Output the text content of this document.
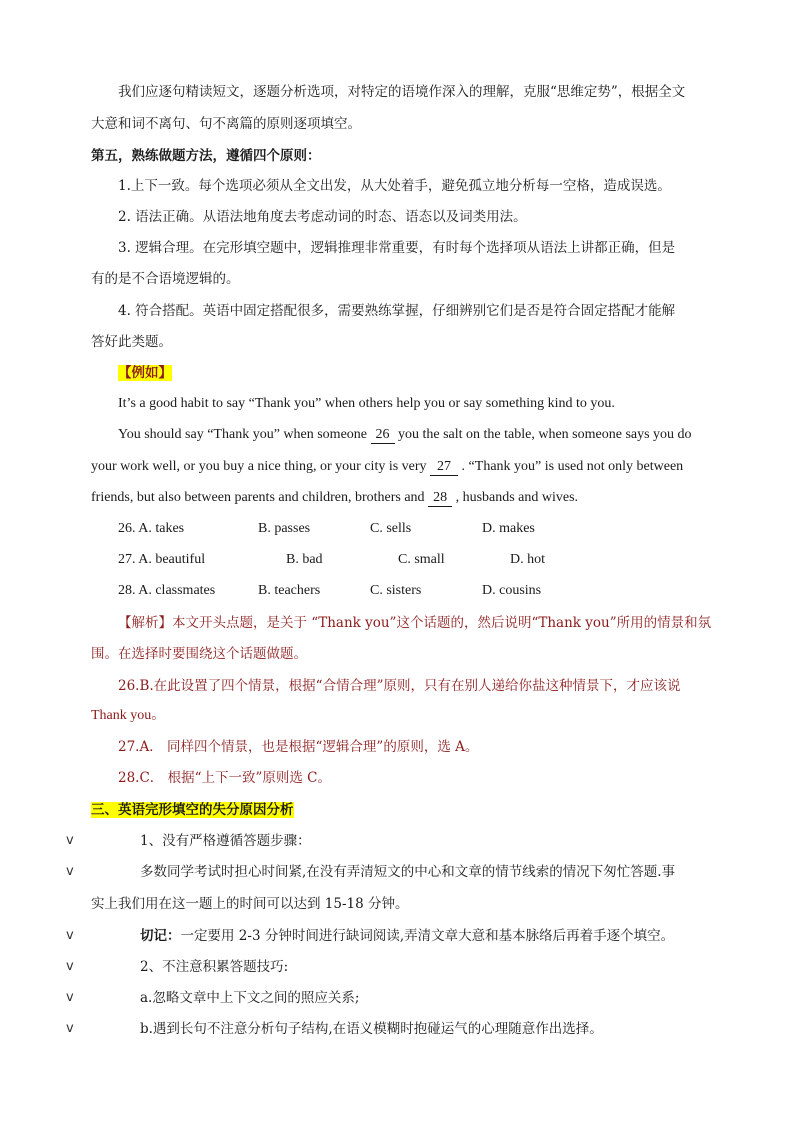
我们应逐句精读短文，逐题分析选项，对特定的语境作深入的理解，克服“思维定势”，根据全文
大意和词不离句、句不离篇的原则逐项填空。
第五，熟练做题方法，遵循四个原则：
1.上下一致。每个选项必须从全文出发，从大处着手，避免孤立地分析每一空格，造成误选。
2. 语法正确。从语法地角度去考虑动词的时态、语态以及词类用法。
3. 逻辑合理。在完形填空题中，逻辑推理非常重要，有时每个选择项从语法上讲都正确，但是
有的是不合语境逻辑的。
4. 符合搭配。英语中固定搭配很多，需要熟练掌握，仔细辨别它们是否是符合固定搭配才能解
答好此类题。
【例如】
It’s a good habit to say “Thank you” when others help you or say something kind to you.
You should say “Thank you” when someone 26 you the salt on the table, when someone says you do
your work well, or you buy a nice thing, or your city is very 27 . “Thank you” is used not only between
friends, but also between parents and children, brothers and 28 , husbands and wives.
26. A. takes	B. passes	C. sells	D. makes
27. A. beautiful	B. bad	C. small	D. hot
28. A. classmates	B. teachers	C. sisters	D. cousins
【解析】本文开头点题，是关于 “Thank you”这个话题的，然后说明“Thank you”所用的情景和氛
围。在选择时要围绕这个话题做题。
26.B.在此设置了四个情景，根据“合情合理”原则，只有在别人递给你盐这种情景下，才应该说
Thank you。
27.A． 同样四个情景，也是根据“逻辑合理”的原则，选 A。
28.C． 根据“上下一致”原则选 C。
三、英语完形填空的失分原因分析
v	1、没有严格遵循答题步骤：
v	多数同学考试时担心时间紧,在没有弄清短文的中心和文章的情节线索的情况下匆忙答题.事
实上我们用在这一题上的时间可以达到 15-18 分钟。
v	切记：一定要用 2-3 分钟时间进行缺词阅读,弄清文章大意和基本脉络后再着手逐个填空。
v	2、不注意积累答题技巧:
v	a.忽略文章中上下文之间的照应关系;
v	b.遇到长句不注意分析句子结构,在语义模糊时抱碰运气的心理随意作出选择。
